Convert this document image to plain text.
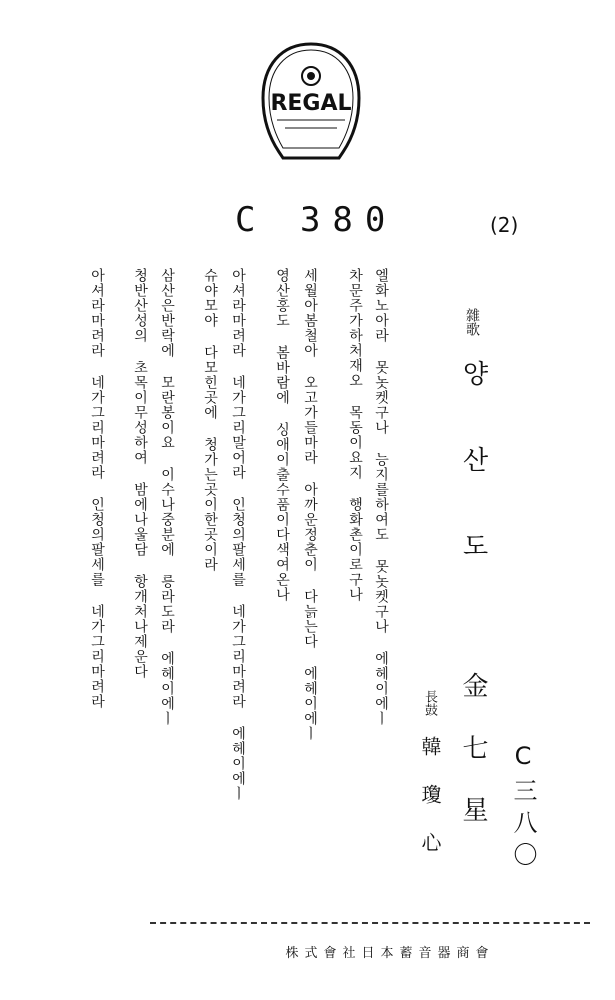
REGAL
C 380	(2)
雜歌
양산도
金七星
長鼓
韓瓊心	C三八〇
엘화노아라 못놋켓구나 능지를하여도 못놋켓구나 에헤이에ㅣ
차문주가하처재오 목동이요지 행화촌이로구나
세월아봄철아 오고가들마라 아까운정춘이 다늙는다 에헤이에ㅣ
영산홍도 봄바람에 싱애이출수품이다색여온나
아셔라마려라 네가그리말어라 인청의팔세를 네가그리마려라 에헤이에ㅣ
슈야모야 다모힌곳에 청가는곳이한곳이라
삼산은반락에 모란봉이요 이수나중분에 릉라도라 에헤이에ㅣ
청반산성의 초목이무성하여 밤에나울담 항개처나제운다
아셔라마려라 네가그리마려라 인청의팔세를 네가그리마려라
株式會社日本蓄音器商會
